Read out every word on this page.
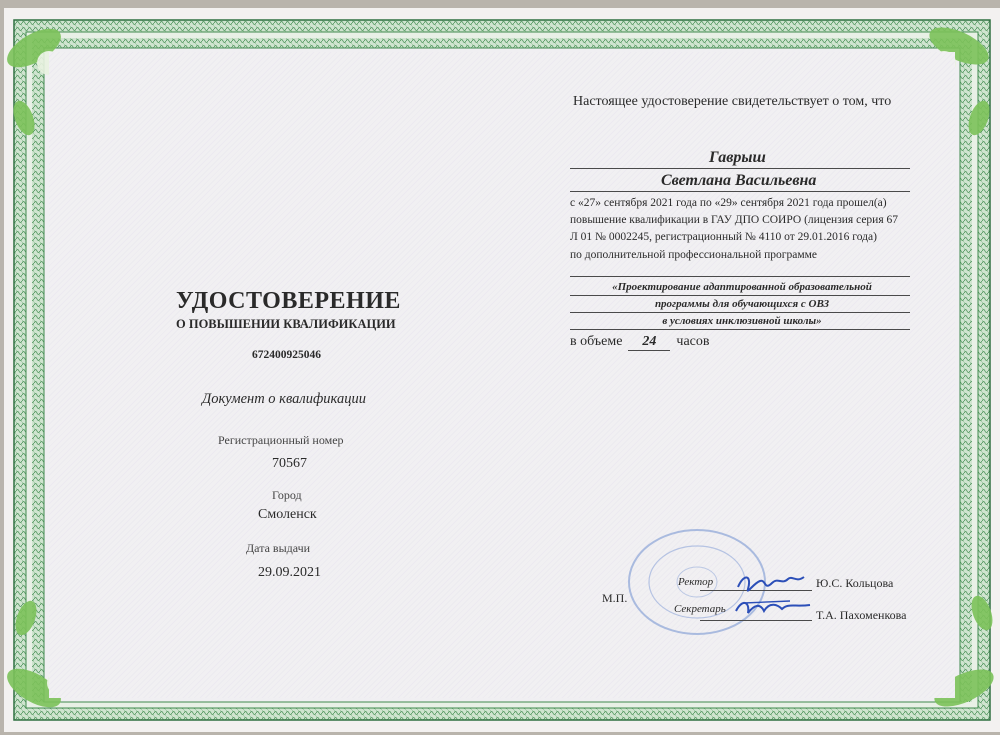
УДОСТОВЕРЕНИЕ
О ПОВЫШЕНИИ КВАЛИФИКАЦИИ
672400925046
Документ о квалификации
Регистрационный номер
70567
Город
Смоленск
Дата выдачи
29.09.2021
Настоящее удостоверение свидетельствует о том, что
Гаврыш
Светлана Васильевна
с «27» сентября 2021 года по «29» сентября 2021 года прошел(а)
повышение квалификации в ГАУ ДПО СОИРО (лицензия серия 67
Л 01 № 0002245, регистрационный № 4110 от 29.01.2016 года)
по дополнительной профессиональной программе
«Проектирование адаптированной образовательной
программы для обучающихся с ОВЗ
в условиях инклюзивной школы»
в объеме 24 часов
М.П.
Ректор
Секретарь
Ю.С. Кольцова
Т.А. Пахоменкова
